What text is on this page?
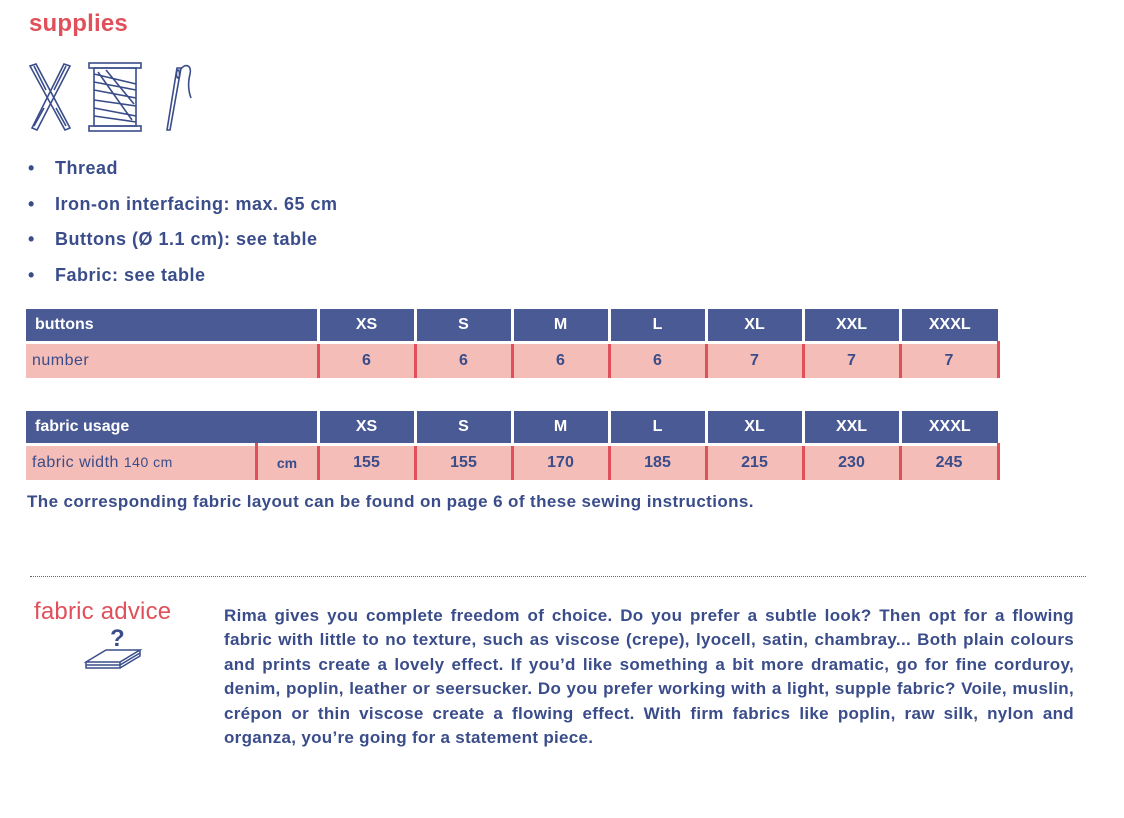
supplies
• Thread
• Iron-on interfacing: max. 65 cm
• Buttons (Ø 1.1 cm): see table
• Fabric: see table
buttons	XS	S	M	L	XL	XXL	XXXL
number	6	6	6	6	7	7	7
fabric usage		XS	S	M	L	XL	XXL	XXXL
fabric width 140 cm	cm	155	155	170	185	215	230	245
The corresponding fabric layout can be found on page 6 of these sewing instructions.
fabric advice
?

Rima gives you complete freedom of choice. Do you prefer a subtle look? Then opt for a flowing fabric with little to no texture, such as viscose (crepe), lyocell, satin, chambray... Both plain colours and prints create a lovely effect. If you’d like something a bit more dramatic, go for fine corduroy, denim, poplin, leather or seersucker. Do you prefer working with a light, supple fabric? Voile, muslin, crépon or thin viscose create a flowing effect. With firm fabrics like poplin, raw silk, nylon and organza, you’re going for a statement piece.
